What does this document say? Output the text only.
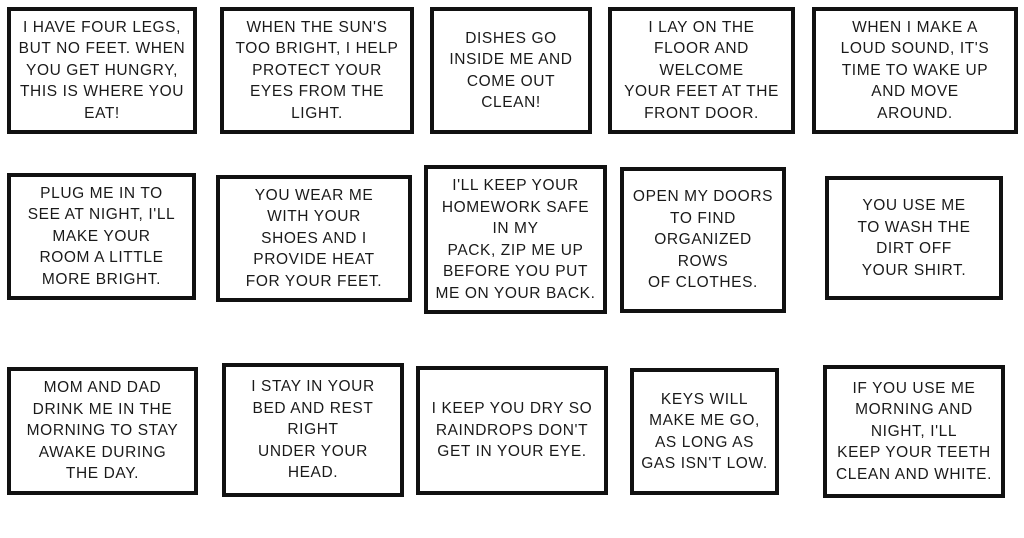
I HAVE FOUR LEGS,
BUT NO FEET. WHEN
YOU GET HUNGRY,
THIS IS WHERE YOU
EAT!
WHEN THE SUN'S
TOO BRIGHT, I HELP
PROTECT YOUR
EYES FROM THE
LIGHT.
DISHES GO
INSIDE ME AND
COME OUT
CLEAN!
I LAY ON THE
FLOOR AND
WELCOME
YOUR FEET AT THE
FRONT DOOR.
WHEN I MAKE A
LOUD SOUND, IT'S
TIME TO WAKE UP
AND MOVE
AROUND.
PLUG ME IN TO
SEE AT NIGHT, I'LL
MAKE YOUR
ROOM A LITTLE
MORE BRIGHT.
YOU WEAR ME
WITH YOUR
SHOES AND I
PROVIDE HEAT
FOR YOUR FEET.
I'LL KEEP YOUR
HOMEWORK SAFE
IN MY
PACK, ZIP ME UP
BEFORE YOU PUT
ME ON YOUR BACK.
OPEN MY DOORS
TO FIND
ORGANIZED
ROWS
OF CLOTHES.
YOU USE ME
TO WASH THE
DIRT OFF
YOUR SHIRT.
MOM AND DAD
DRINK ME IN THE
MORNING TO STAY
AWAKE DURING
THE DAY.
I STAY IN YOUR
BED AND REST
RIGHT
UNDER YOUR
HEAD.
I KEEP YOU DRY SO
RAINDROPS DON'T
GET IN YOUR EYE.
KEYS WILL
MAKE ME GO,
AS LONG AS
GAS ISN'T LOW.
IF YOU USE ME
MORNING AND
NIGHT, I'LL
KEEP YOUR TEETH
CLEAN AND WHITE.
